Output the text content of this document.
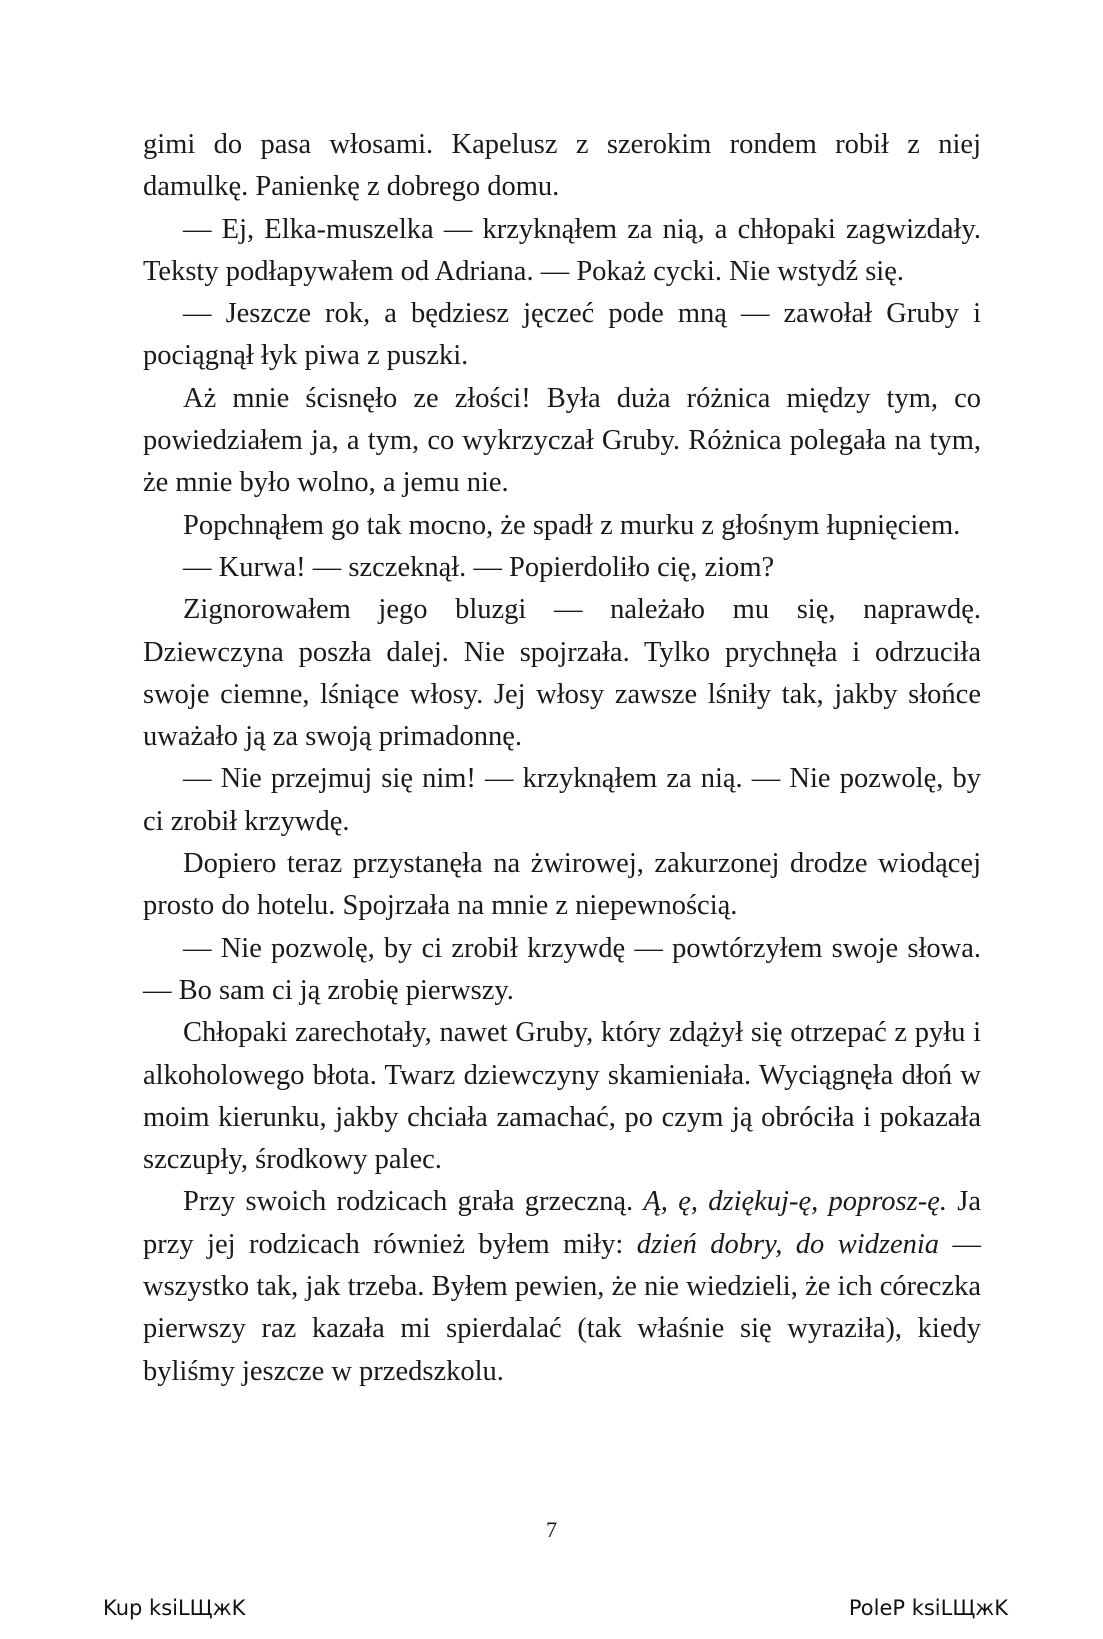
gimi do pasa włosami. Kapelusz z szerokim rondem robił z niej damulkę. Panienkę z dobrego domu.

— Ej, Elka-muszelka — krzyknąłem za nią, a chłopaki zagwizdały. Teksty podłapywałem od Adriana. — Pokaż cycki. Nie wstydź się.

— Jeszcze rok, a będziesz jęczeć pode mną — zawołał Gruby i pociągnął łyk piwa z puszki.

Aż mnie ścisnęło ze złości! Była duża różnica między tym, co powiedziałem ja, a tym, co wykrzyczał Gruby. Różnica polegała na tym, że mnie było wolno, a jemu nie.

Popchnąłem go tak mocno, że spadł z murku z głośnym łupnięciem.

— Kurwa! — szczeknął. — Popierdoliło cię, ziom?

Zignorowałem jego bluzgi — należało mu się, naprawdę. Dziewczyna poszła dalej. Nie spojrzała. Tylko prychnęła i odrzuciła swoje ciemne, lśniące włosy. Jej włosy zawsze lśniły tak, jakby słońce uważało ją za swoją primadonnę.

— Nie przejmuj się nim! — krzyknąłem za nią. — Nie pozwolę, by ci zrobił krzywdę.

Dopiero teraz przystanęła na żwirowej, zakurzonej drodze wiodącej prosto do hotelu. Spojrzała na mnie z niepewnością.

— Nie pozwolę, by ci zrobił krzywdę — powtórzyłem swoje słowa. — Bo sam ci ją zrobię pierwszy.

Chłopaki zarechotały, nawet Gruby, który zdążył się otrzepać z pyłu i alkoholowego błota. Twarz dziewczyny skamieniała. Wyciągnęła dłoń w moim kierunku, jakby chciała zamachać, po czym ją obróciła i pokazała szczupły, środkowy palec.

Przy swoich rodzicach grała grzeczną. Ą, ę, dziękuj-ę, poprosz-ę. Ja przy jej rodzicach również byłem miły: dzień dobry, do widzenia — wszystko tak, jak trzeba. Byłem pewien, że nie wiedzieli, że ich córeczka pierwszy raz kazała mi spierdalać (tak właśnie się wyraziła), kiedy byliśmy jeszcze w przedszkolu.

7
Kup ksiLЩжK	PoleP ksiLЩжK
